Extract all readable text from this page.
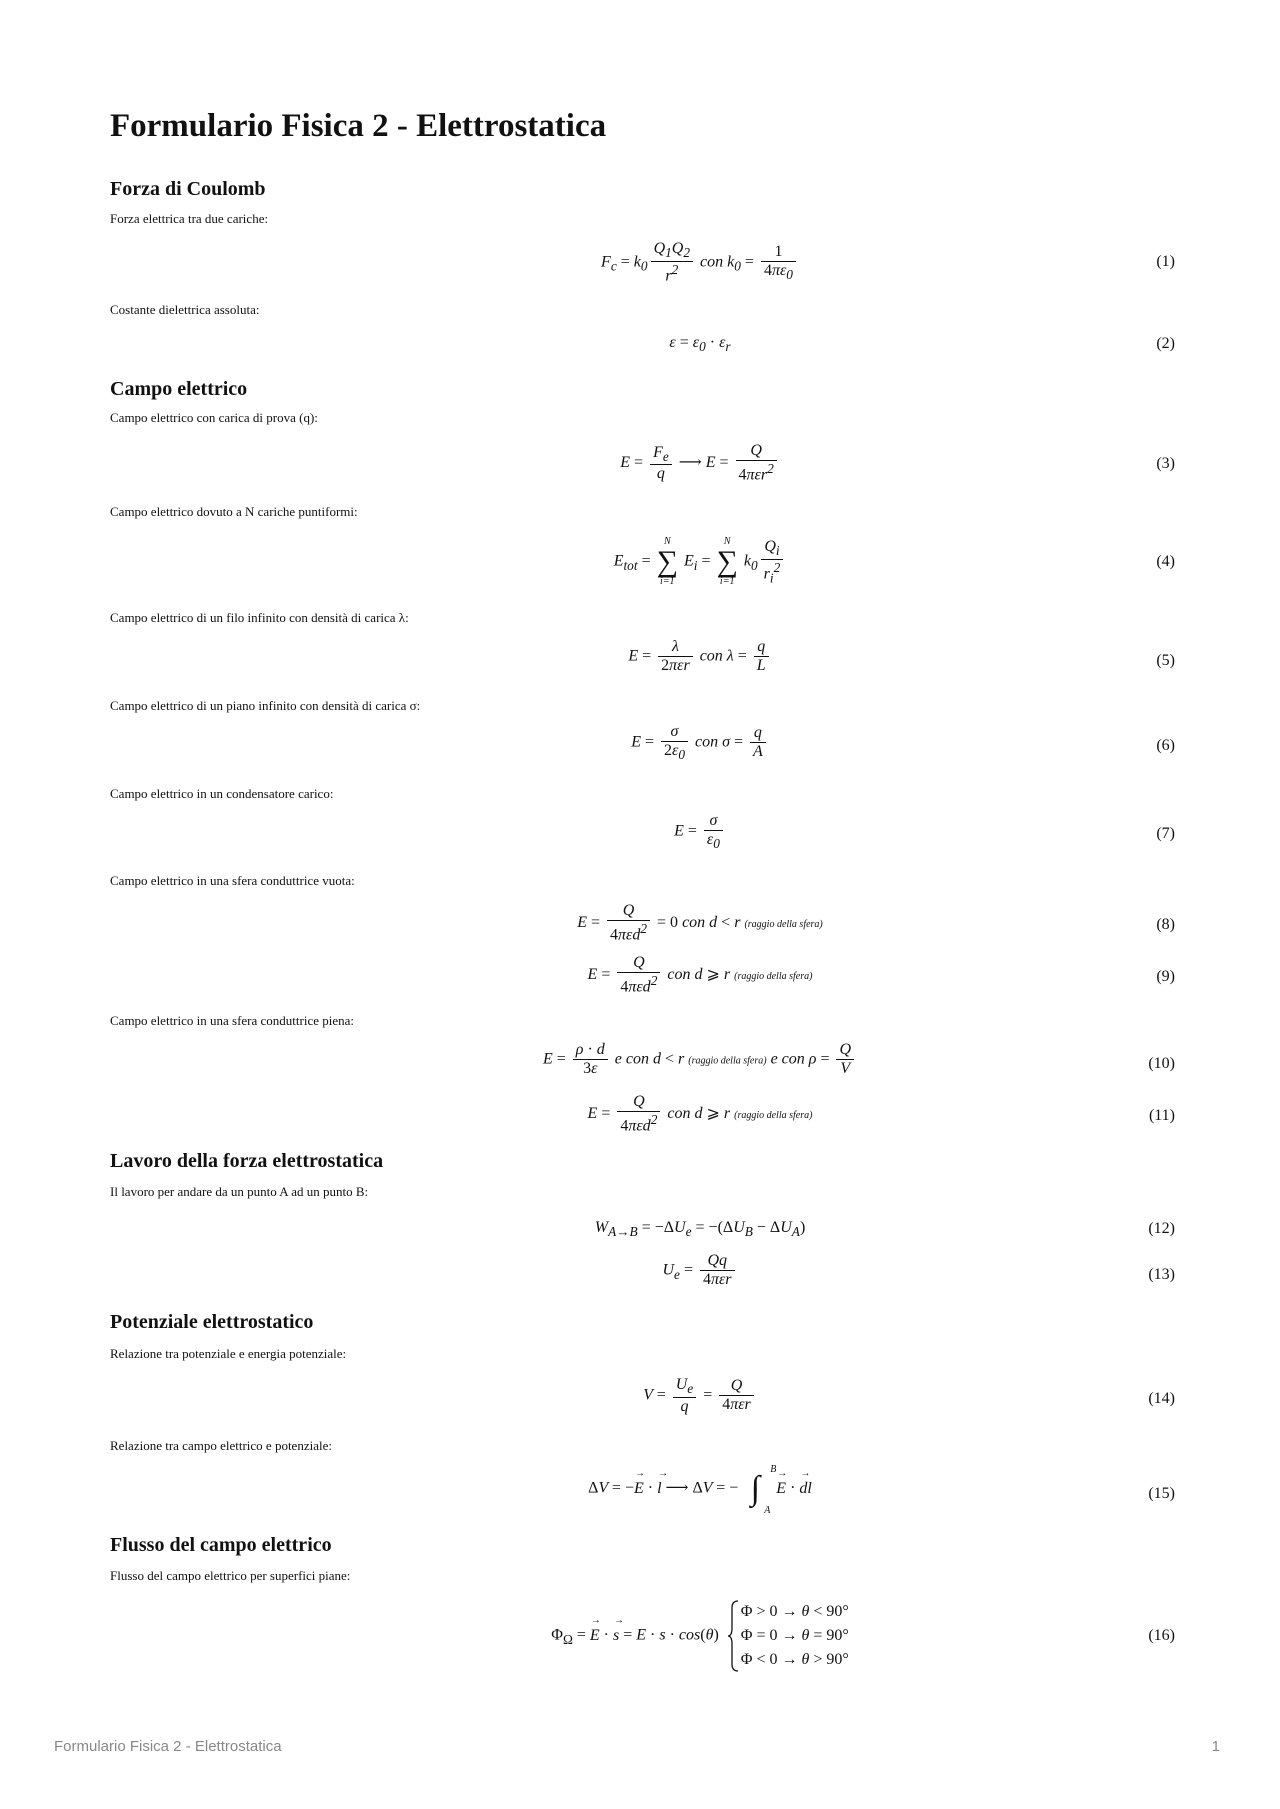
Formulario Fisica 2 - Elettrostatica
Forza di Coulomb

Forza elettrica tra due cariche:

$F_c = k_0 \frac{Q_1Q_2}{r^2}$ con $k_0 = \frac{1}{4\pi\varepsilon_0}$	(1)

Costante dielettrica assoluta:

$\varepsilon = \varepsilon_0 \cdot \varepsilon_r$	(2)
Campo elettrico

Campo elettrico con carica di prova (q):

$E = \frac{F_e}{q}$ ⟶ $E = \frac{Q}{4\pi\varepsilon r^2}$	(3)

Campo elettrico dovuto a N cariche puntiformi:

$E_{tot}$ =
N
∑
i=1
$E_i$ =
N
∑
i=1
$k_0 \frac{Q_i}{r_i^2}$	(4)

Campo elettrico di un filo infinito con densità di carica λ:

$E = \frac{\lambda}{\text{2πεr}}$ con $\lambda = \frac{q}{L}$	(5)

Campo elettrico di un piano infinito con densità di carica σ:

$E = \frac{\sigma}{2\varepsilon_0}$ con $\sigma = \frac{q}{A}$	(6)

Campo elettrico in un condensatore carico:

$E = \frac{\sigma}{\varepsilon_0}$	(7)

Campo elettrico in una sfera conduttrice vuota:

$E = \frac{Q}{4\pi\varepsilon d^2} = 0$ con d < r (raggio della sfera)	(8)
$E = \frac{Q}{4\pi\varepsilon d^2}$ con d ⩾ r (raggio della sfera)	(9)

Campo elettrico in una sfera conduttrice piena:

$E = \frac{\rho \cdot d}{3\varepsilon}$ e con d < r (raggio della sfera) e con $\rho = \frac{Q}{V}$	(10)
$E = \frac{Q}{4\pi\varepsilon d^2}$ con d ⩾ r (raggio della sfera)	(11)
Lavoro della forza elettrostatica

Il lavoro per andare da un punto A ad un punto B:

$W_{A\to B} = -\Delta U_e = -(\Delta U_B - \Delta U_A)$	(12)
$U_e = \frac{Qq}{\text{4πεr}}$	(13)
Potenziale elettrostatico

Relazione tra potenziale e energia potenziale:

$V = \frac{U_e}{q} = \frac{Q}{\text{4πεr}}$	(14)

Relazione tra campo elettrico e potenziale:

ΔV = −→ E · → l ⟶ ΔV = − ∫
B
A
→ E · → dl	(15)
Flusso del campo elettrico

Flusso del campo elettrico per superfici piane:

$\Phi_\Omega$ = → E · → s = E · s · cos(θ)
Φ > 0 → θ < 90°
Φ = 0 → θ = 90°
Φ < 0 → θ > 90°
(16)
Formulario Fisica 2 - Elettrostatica	1
